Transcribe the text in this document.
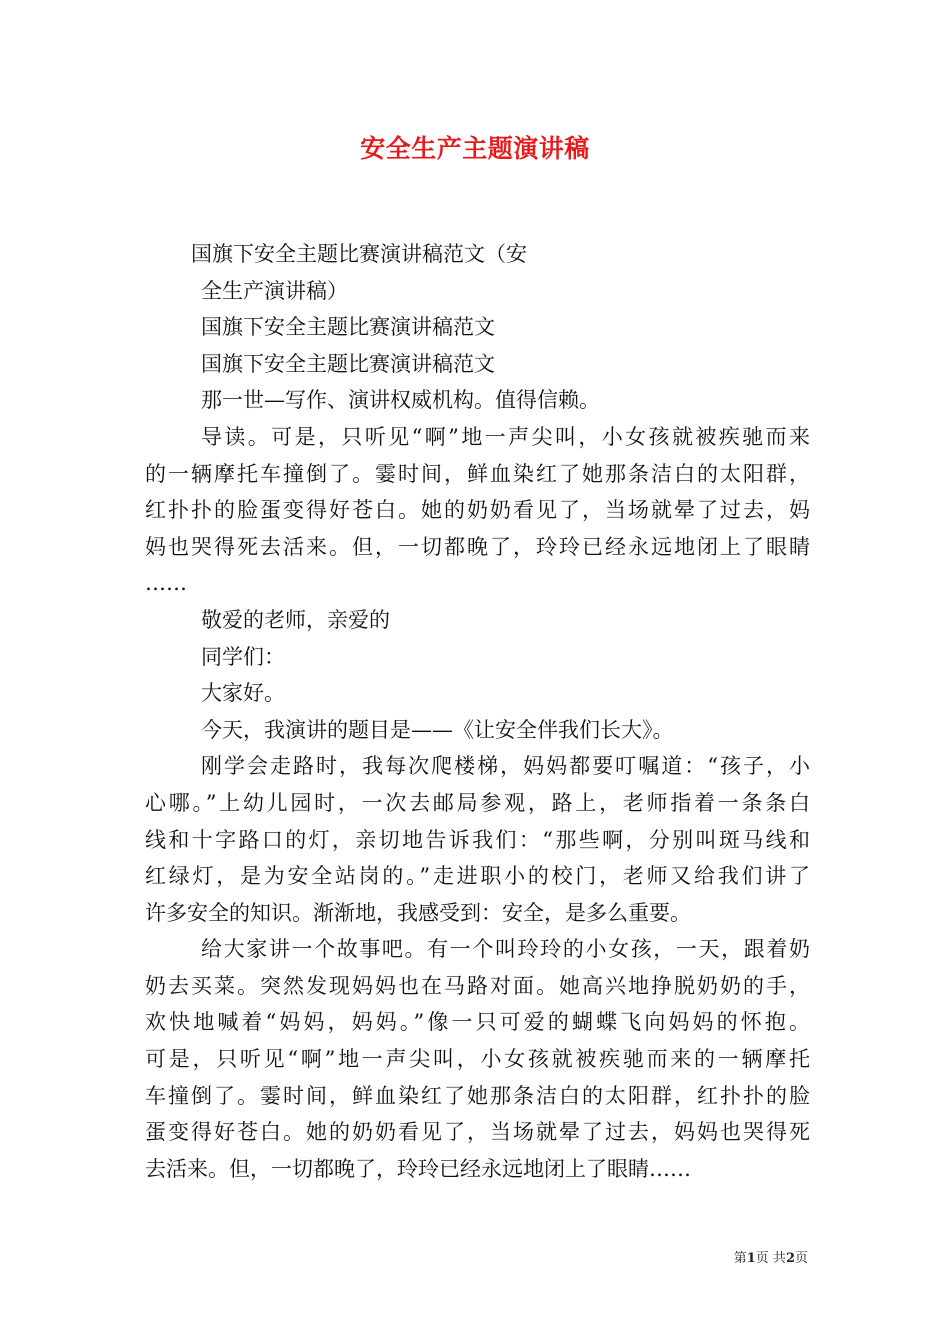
安全生产主题演讲稿
国旗下安全主题比赛演讲稿范文（安
全生产演讲稿）
国旗下安全主题比赛演讲稿范文
国旗下安全主题比赛演讲稿范文
那一世—写作、演讲权威机构。值得信赖。
导读。可是，只听见“啊”地一声尖叫，小女孩就被疾驰而来
的一辆摩托车撞倒了。霎时间，鲜血染红了她那条洁白的太阳群，
红扑扑的脸蛋变得好苍白。她的奶奶看见了，当场就晕了过去，妈
妈也哭得死去活来。但，一切都晚了，玲玲已经永远地闭上了眼睛
……
敬爱的老师，亲爱的
同学们：
大家好。
今天，我演讲的题目是——《让安全伴我们长大》。
刚学会走路时，我每次爬楼梯，妈妈都要叮嘱道：“孩子，小
心哪。”上幼儿园时，一次去邮局参观，路上，老师指着一条条白
线和十字路口的灯，亲切地告诉我们：“那些啊，分别叫斑马线和
红绿灯，是为安全站岗的。”走进职小的校门，老师又给我们讲了
许多安全的知识。渐渐地，我感受到：安全，是多么重要。
给大家讲一个故事吧。有一个叫玲玲的小女孩，一天，跟着奶
奶去买菜。突然发现妈妈也在马路对面。她高兴地挣脱奶奶的手，
欢快地喊着“妈妈，妈妈。”像一只可爱的蝴蝶飞向妈妈的怀抱。
可是，只听见“啊”地一声尖叫，小女孩就被疾驰而来的一辆摩托
车撞倒了。霎时间，鲜血染红了她那条洁白的太阳群，红扑扑的脸
蛋变得好苍白。她的奶奶看见了，当场就晕了过去，妈妈也哭得死
去活来。但，一切都晚了，玲玲已经永远地闭上了眼睛……
第1页 共2页
